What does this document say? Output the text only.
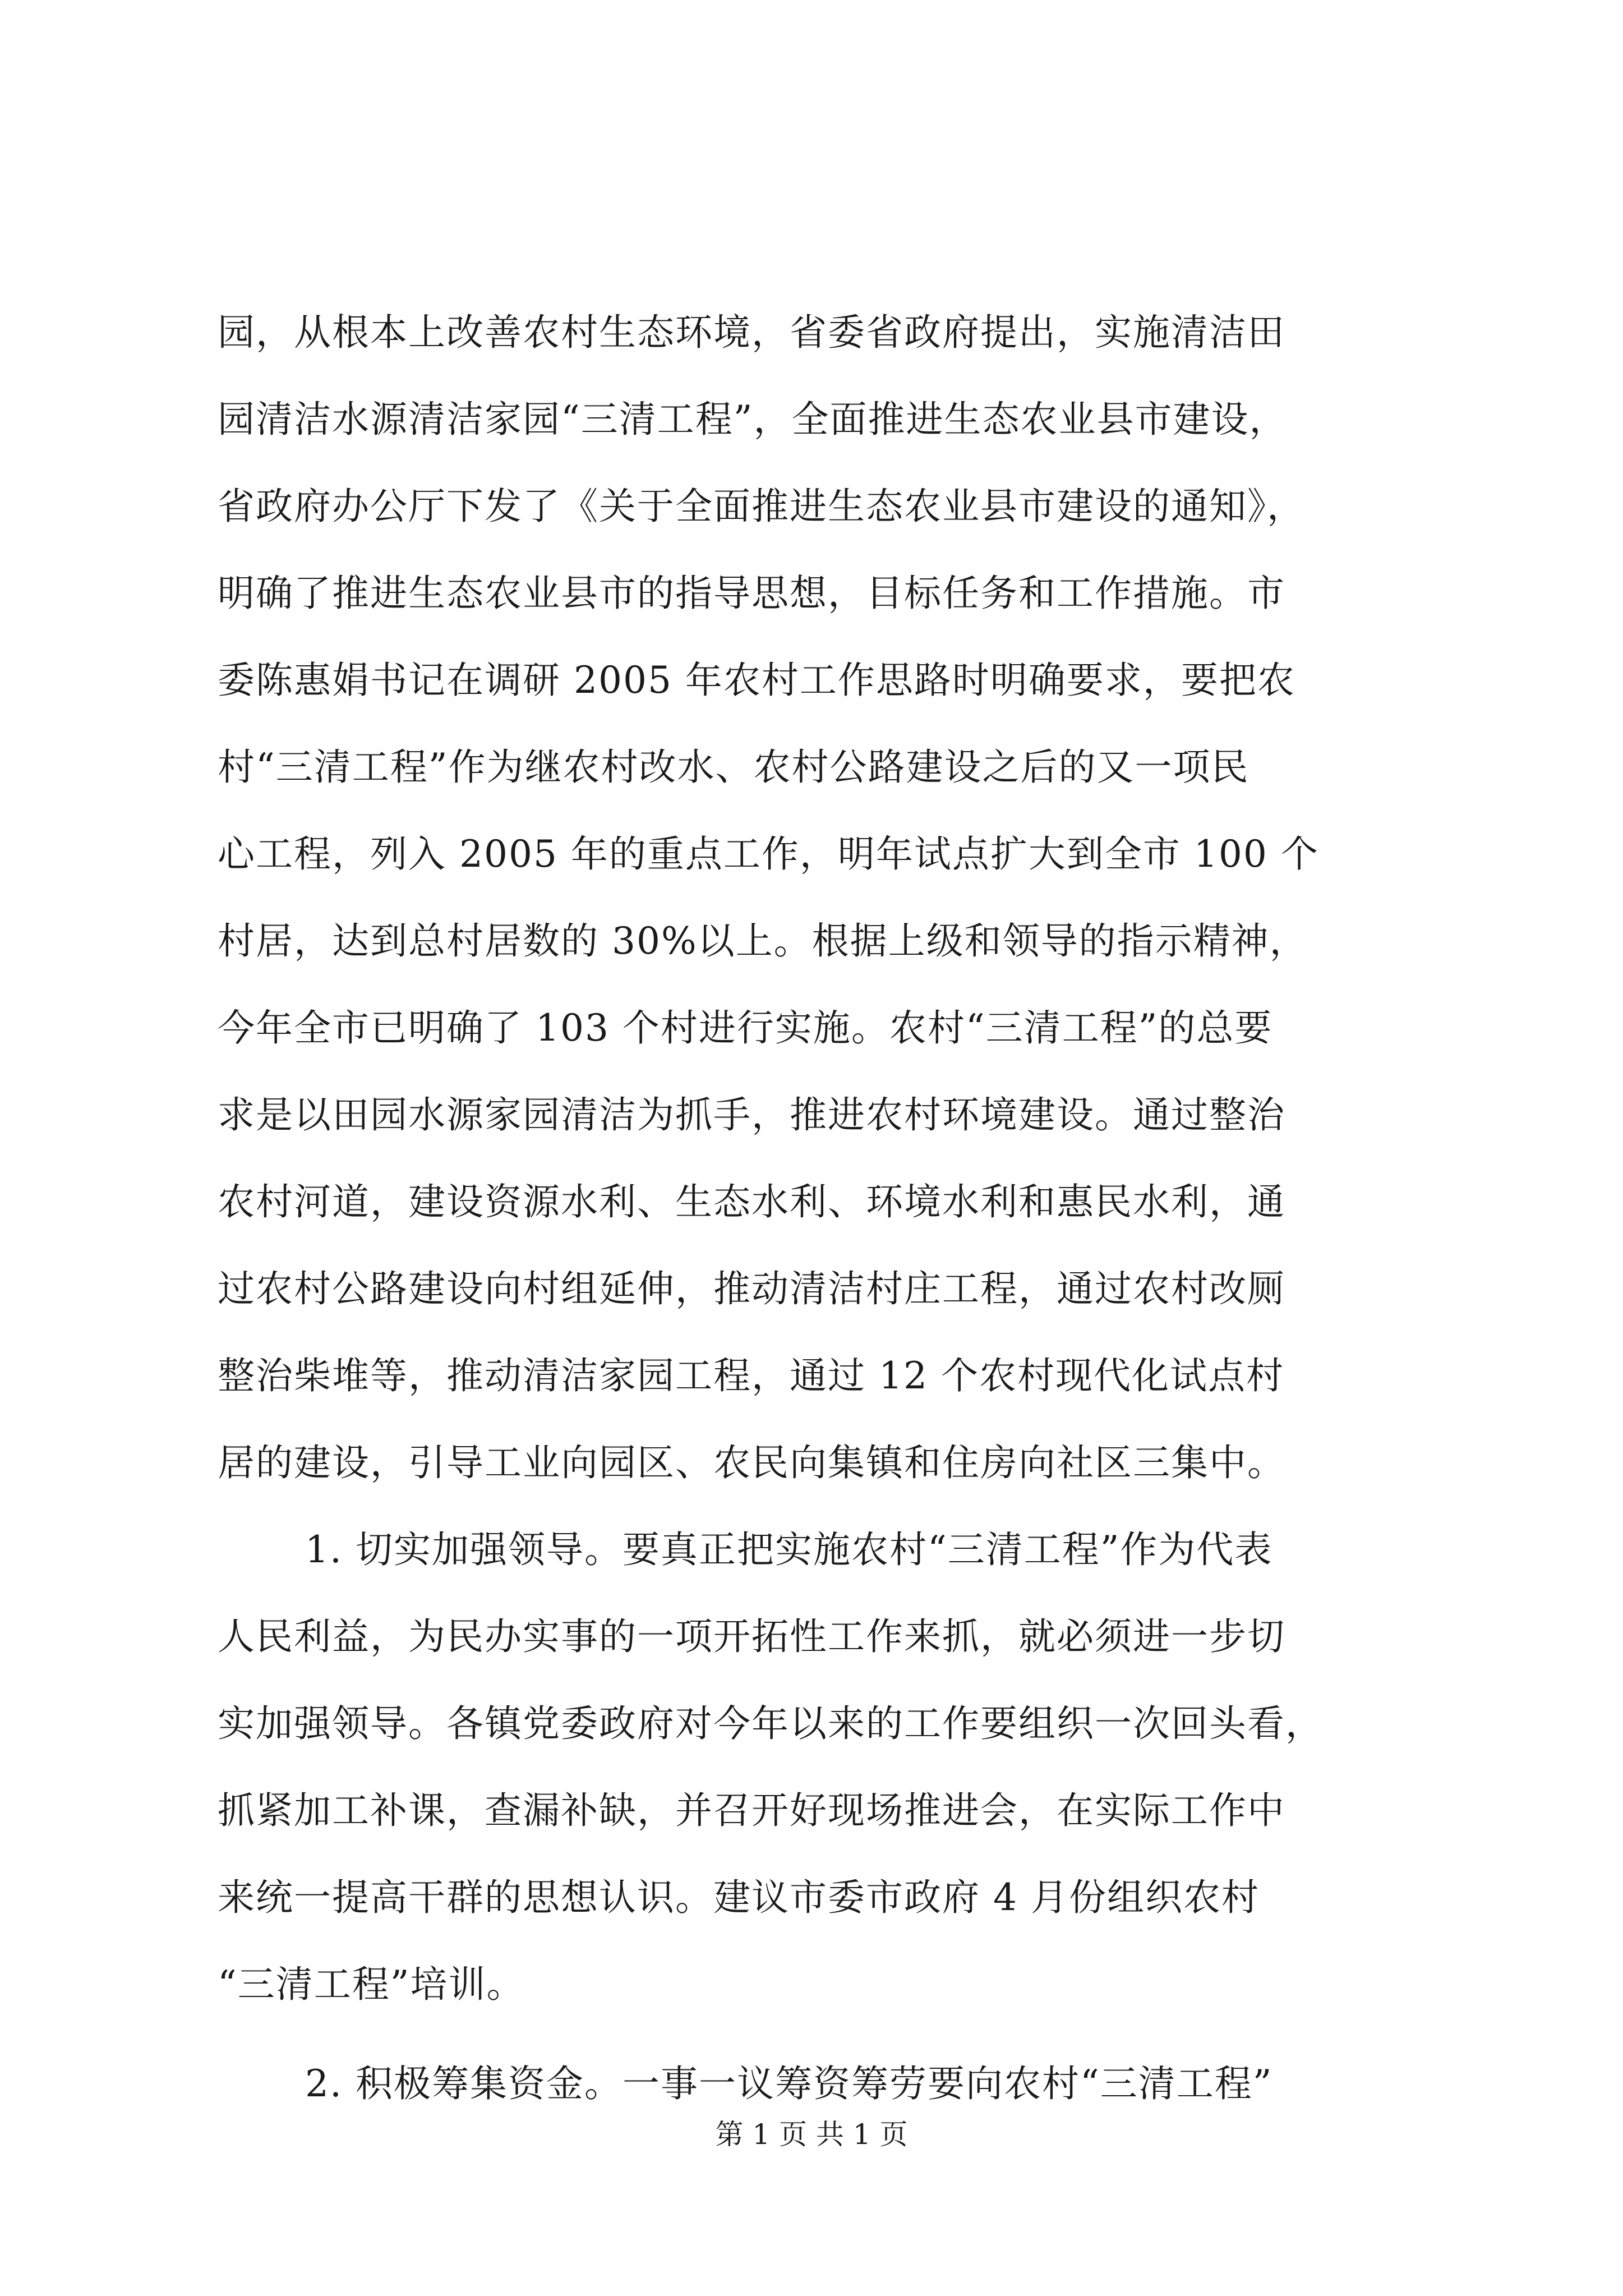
园，从根本上改善农村生态环境，省委省政府提出，实施清洁田
园清洁水源清洁家园“三清工程”，全面推进生态农业县市建设，
省政府办公厅下发了《关于全面推进生态农业县市建设的通知》，
明确了推进生态农业县市的指导思想，目标任务和工作措施。市
委陈惠娟书记在调研 2005 年农村工作思路时明确要求，要把农
村“三清工程”作为继农村改水、农村公路建设之后的又一项民
心工程，列入 2005 年的重点工作，明年试点扩大到全市 100 个
村居，达到总村居数的 30%以上。根据上级和领导的指示精神，
今年全市已明确了 103 个村进行实施。农村“三清工程”的总要
求是以田园水源家园清洁为抓手，推进农村环境建设。通过整治
农村河道，建设资源水利、生态水利、环境水利和惠民水利，通
过农村公路建设向村组延伸，推动清洁村庄工程，通过农村改厕
整治柴堆等，推动清洁家园工程，通过 12 个农村现代化试点村
居的建设，引导工业向园区、农民向集镇和住房向社区三集中。
1. 切实加强领导。要真正把实施农村“三清工程”作为代表
人民利益，为民办实事的一项开拓性工作来抓，就必须进一步切
实加强领导。各镇党委政府对今年以来的工作要组织一次回头看，
抓紧加工补课，查漏补缺，并召开好现场推进会，在实际工作中
来统一提高干群的思想认识。建议市委市政府 4 月份组织农村
“三清工程”培训。
2. 积极筹集资金。一事一议筹资筹劳要向农村“三清工程”
第 1 页 共 1 页
